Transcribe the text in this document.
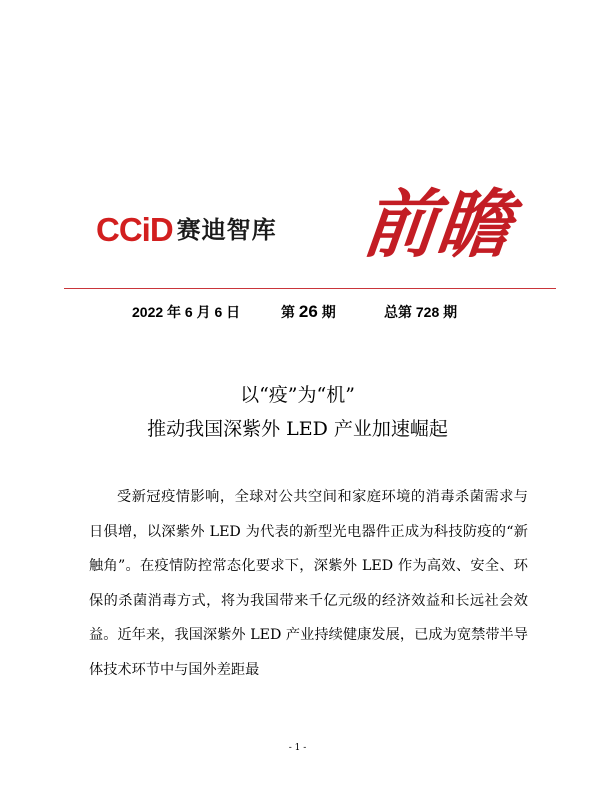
CCiD 赛迪智库 前瞻
2022 年 6 月 6 日	第 26 期	总第 728 期
以“疫”为“机”
推动我国深紫外 LED 产业加速崛起

受新冠疫情影响，全球对公共空间和家庭环境的消毒杀菌需求与日俱增，以深紫外 LED 为代表的新型光电器件正成为科技防疫的“新触角”。在疫情防控常态化要求下，深紫外 LED 作为高效、安全、环保的杀菌消毒方式，将为我国带来千亿元级的经济效益和长远社会效益。近年来，我国深紫外 LED 产业持续健康发展，已成为宽禁带半导体技术环节中与国外差距最

- 1 -
